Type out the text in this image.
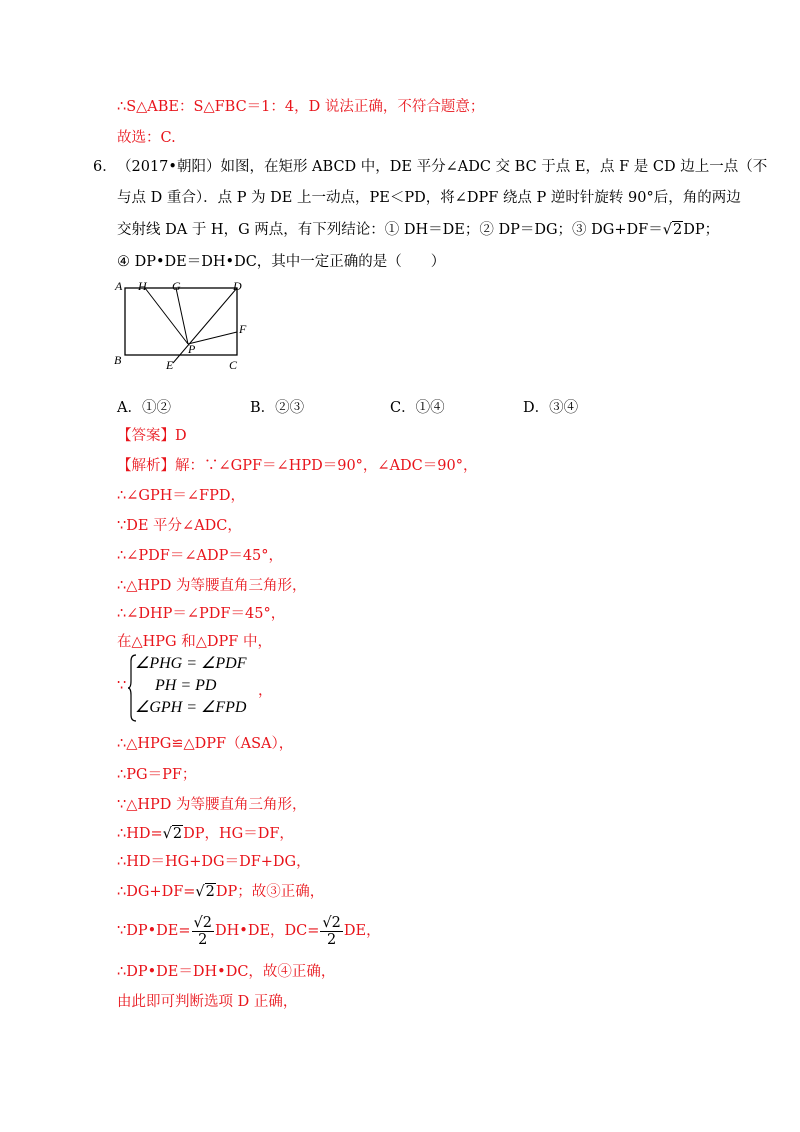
∴S△ABE：S△FBC＝1：4，D 说法正确，不符合题意；
故选：C.
6． （2017•朝阳）如图，在矩形 ABCD 中，DE 平分∠ADC 交 BC 于点 E，点 F 是 CD 边上一点（不
与点 D 重合）．点 P 为 DE 上一动点，PE＜PD，将∠DPF 绕点 P 逆时针旋转 90°后，角的两边
交射线 DA 于 H，G 两点，有下列结论：① DH＝DE；② DP＝DG；③ DG+DF＝√2DP；
④ DP•DE＝DH•DC，其中一定正确的是（　　）
A H G	D
F
P
B	E	C
A．①②	B．②③	C．①④	D．③④
【答案】D
【解析】解：∵∠GPF＝∠HPD＝90°，∠ADC＝90°，
∴∠GPH＝∠FPD，
∵DE 平分∠ADC，
∴∠PDF＝∠ADP＝45°，
∴△HPD 为等腰直角三角形，
∴∠DHP＝∠PDF＝45°，
在△HPG 和△DPF 中，
∵
∠PHG = ∠PDF
PH = PD
∠GPH = ∠FPD
，
∴△HPG≌△DPF（ASA），
∴PG＝PF；
∵△HPD 为等腰直角三角形，
∴HD=√2DP，HG＝DF，
∴HD＝HG+DG＝DF+DG，
∴DG+DF=√2DP；故③正确，
∵DP•DE= $\frac{√2}{2}$ DH•DE，$DC= \frac{√2}{2}$ DE，
∴DP•DE＝DH•DC，故④正确，
由此即可判断选项 D 正确，
